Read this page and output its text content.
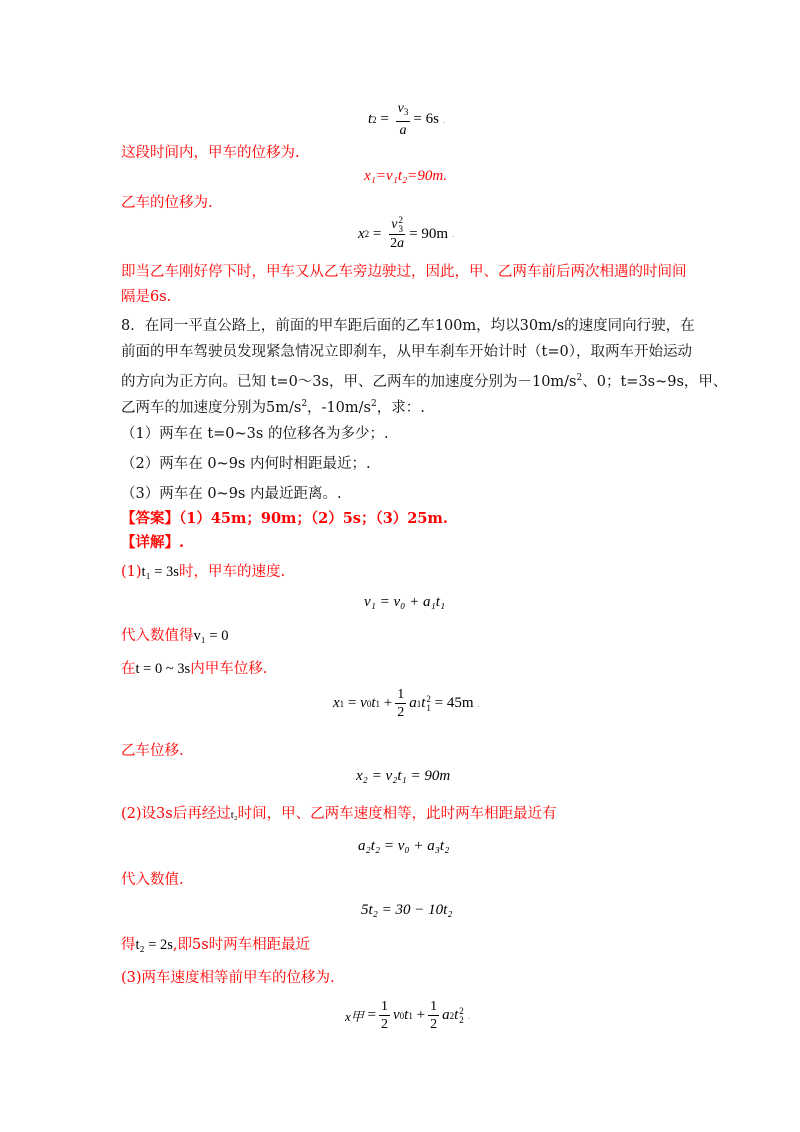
t $2 = \frac{v_3}{a} = 6s$ .
这段时间内，甲车的位移为.
x₁=v₁t₂=90m.
乙车的位移为.
x 2 = v 2
3
2a = 90m .
即当乙车刚好停下时，甲车又从乙车旁边驶过，因此，甲、乙两车前后两次相遇的时间间
隔是6s.
8．在同一平直公路上，前面的甲车距后面的乙车100m，均以30m/s的速度同向行驶，在
前面的甲车驾驶员发现紧急情况立即刹车，从甲车刹车开始计时（t=0），取两车开始运动
的方向为正方向。已知 t=0～3s，甲、乙两车的加速度分别为$-10m/s^2$、0；t=3s~9s，甲、
乙两车的加速度分别为$5m/s^2$，$-10m/s^2$，求：.
（1）两车在 t=0~3s 的位移各为多少；.
（2）两车在 0~9s 内何时相距最近；.
（3）两车在 0~9s 内最近距离。.
【答案】（1）45m；90m；（2）5s；（3）25m.
【详解】.
(1)t₁ = 3s时，甲车的速度.
v₁ = v₀ + a₁t₁
代入数值得v₁ = 0
在t = 0 ~ 3s内甲车位移.
x 1 = v 0 t $1 + \frac{1}{2}$ a 1 t 2
1
= 45m .
乙车位移.
x₂ = v₂t₁ = 90m
(2)设3s后再经过t₂时间，甲、乙两车速度相等，此时两车相距最近有
a₂t₂ = v₀ + a₃t₂
代入数值.
5t₂ = 30 − 10t₂
得t₂ = 2s,即5s时两车相距最近
(3)两车速度相等前甲车的位移为.
x甲 = $\frac{1}{2}$ v 0 t $1 + \frac{1}{2}$ a 2 t 2
2 .
